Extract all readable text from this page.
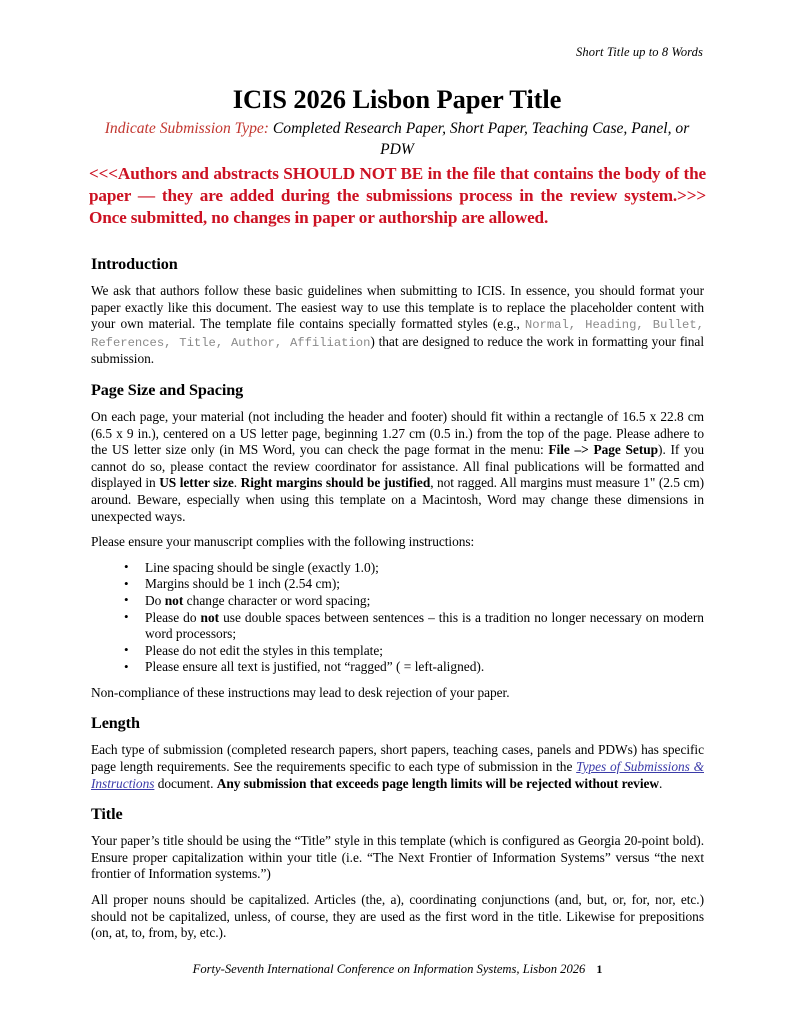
Short Title up to 8 Words
ICIS 2026 Lisbon Paper Title
Indicate Submission Type: Completed Research Paper, Short Paper, Teaching Case, Panel, or PDW
<<<Authors and abstracts SHOULD NOT BE in the file that contains the body of the paper — they are added during the submissions process in the review system.>>> Once submitted, no changes in paper or authorship are allowed.
Introduction

We ask that authors follow these basic guidelines when submitting to ICIS. In essence, you should format your paper exactly like this document. The easiest way to use this template is to replace the placeholder content with your own material. The template file contains specially formatted styles (e.g., Normal, Heading, Bullet, References, Title, Author, Affiliation) that are designed to reduce the work in formatting your final submission.

Page Size and Spacing

On each page, your material (not including the header and footer) should fit within a rectangle of 16.5 x 22.8 cm (6.5 x 9 in.), centered on a US letter page, beginning 1.27 cm (0.5 in.) from the top of the page. Please adhere to the US letter size only (in MS Word, you can check the page format in the menu: File –> Page Setup). If you cannot do so, please contact the review coordinator for assistance. All final publications will be formatted and displayed in US letter size. Right margins should be justified, not ragged. All margins must measure 1" (2.5 cm) around. Beware, especially when using this template on a Macintosh, Word may change these dimensions in unexpected ways.

Please ensure your manuscript complies with the following instructions:

• Line spacing should be single (exactly 1.0);
• Margins should be 1 inch (2.54 cm);
• Do not change character or word spacing;
• Please do not use double spaces between sentences – this is a tradition no longer necessary on modern word processors;
• Please do not edit the styles in this template;
• Please ensure all text is justified, not “ragged” ( = left-aligned).

Non-compliance of these instructions may lead to desk rejection of your paper.

Length

Each type of submission (completed research papers, short papers, teaching cases, panels and PDWs) has specific page length requirements. See the requirements specific to each type of submission in the Types of Submissions & Instructions document. Any submission that exceeds page length limits will be rejected without review.

Title

Your paper’s title should be using the “Title” style in this template (which is configured as Georgia 20-point bold). Ensure proper capitalization within your title (i.e. “The Next Frontier of Information Systems” versus “the next frontier of Information systems.”)

All proper nouns should be capitalized. Articles (the, a), coordinating conjunctions (and, but, or, for, nor, etc.) should not be capitalized, unless, of course, they are used as the first word in the title. Likewise for prepositions (on, at, to, from, by, etc.).

Forty-Seventh International Conference on Information Systems, Lisbon 2026 1
